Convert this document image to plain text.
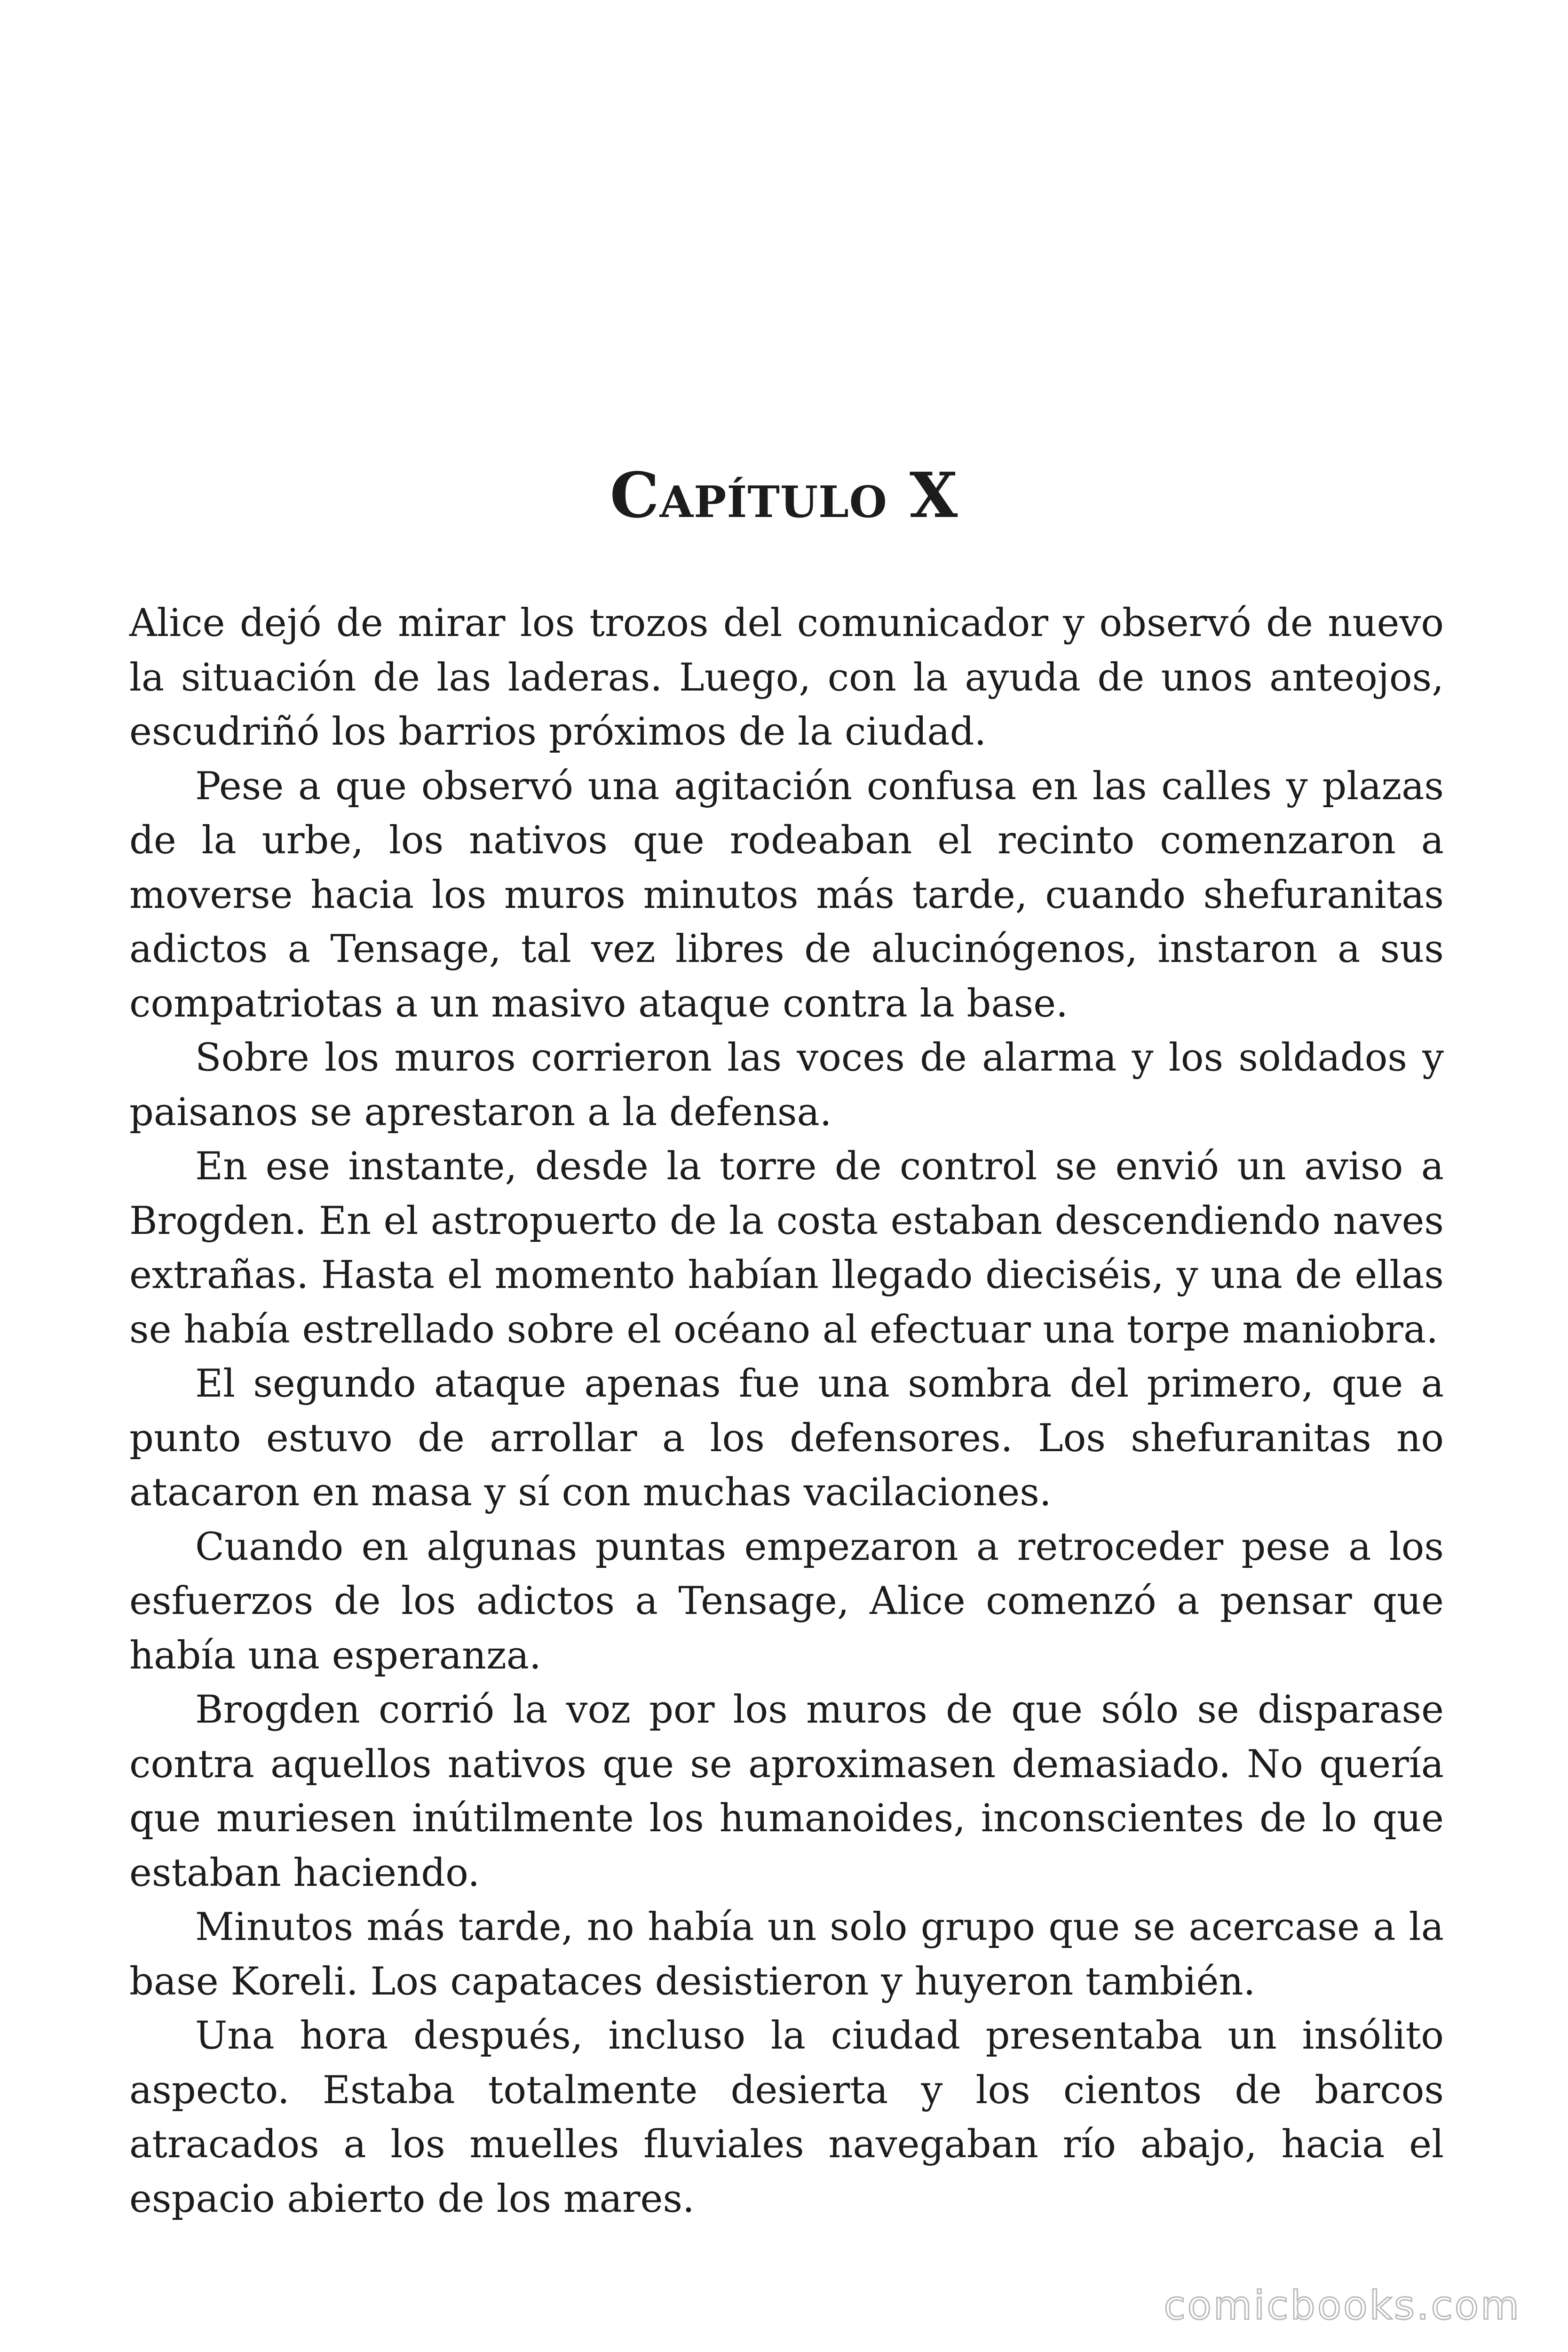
Capítulo X

Alice dejó de mirar los trozos del comunicador y observó de nuevo la situación de las laderas. Luego, con la ayuda de unos anteojos, escudriñó los barrios próximos de la ciudad.

Pese a que observó una agitación confusa en las calles y plazas de la urbe, los nativos que rodeaban el recinto comenzaron a moverse hacia los muros minutos más tarde, cuando shefuranitas adictos a Tensage, tal vez libres de alucinógenos, instaron a sus compatriotas a un masivo ataque contra la base.

Sobre los muros corrieron las voces de alarma y los soldados y paisanos se aprestaron a la defensa.

En ese instante, desde la torre de control se envió un aviso a Brogden. En el astropuerto de la costa estaban descendiendo naves extrañas. Hasta el momento habían llegado dieciséis, y una de ellas se había estrellado sobre el océano al efectuar una torpe maniobra.

El segundo ataque apenas fue una sombra del primero, que a punto estuvo de arrollar a los defensores. Los shefuranitas no atacaron en masa y sí con muchas vacilaciones.

Cuando en algunas puntas empezaron a retroceder pese a los esfuerzos de los adictos a Tensage, Alice comenzó a pensar que había una esperanza.

Brogden corrió la voz por los muros de que sólo se disparase contra aquellos nativos que se aproximasen demasiado. No quería que muriesen inútilmente los humanoides, inconscientes de lo que estaban haciendo.

Minutos más tarde, no había un solo grupo que se acercase a la base Koreli. Los capataces desistieron y huyeron también.

Una hora después, incluso la ciudad presentaba un insólito aspecto. Estaba totalmente desierta y los cientos de barcos atracados a los muelles fluviales navegaban río abajo, hacia el espacio abierto de los mares.

comicbooks.com
